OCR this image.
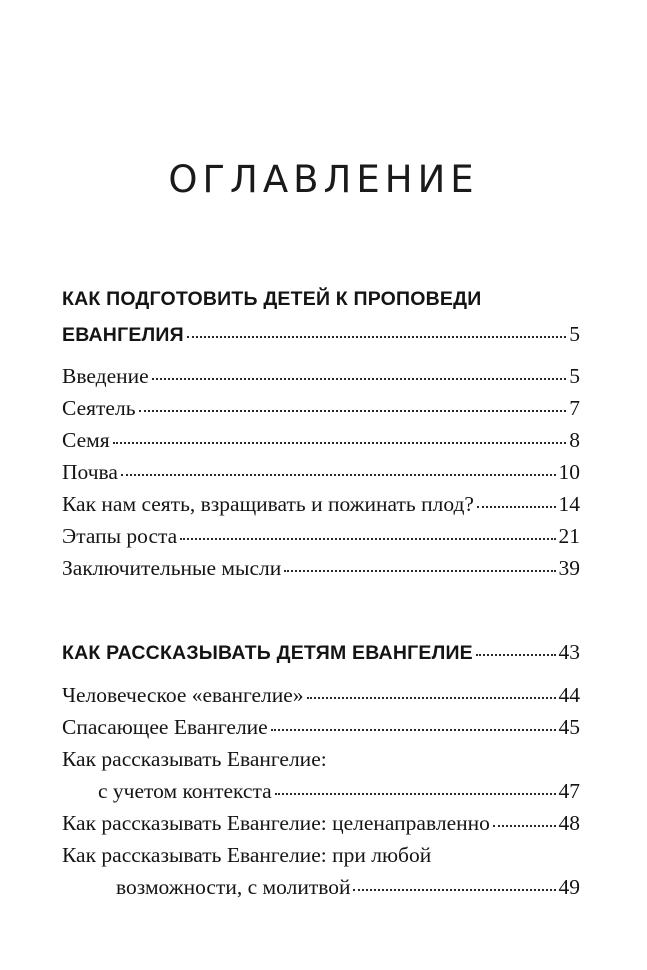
ОГЛАВЛЕНИЕ
КАК ПОДГОТОВИТЬ ДЕТЕЙ К ПРОПОВЕДИ
ЕВАНГЕЛИЯ	5
Введение	5
Сеятель	7
Семя	8
Почва	10
Как нам сеять, взращивать и пожинать плод?	14
Этапы роста	21
Заключительные мысли	39
КАК РАССКАЗЫВАТЬ ДЕТЯМ ЕВАНГЕЛИЕ	43
Человеческое «евангелие»	44
Спасающее Евангелие	45
Как рассказывать Евангелие:
с учетом контекста	47
Как рассказывать Евангелие: целенаправленно	48
Как рассказывать Евангелие: при любой
возможности, с молитвой	49
